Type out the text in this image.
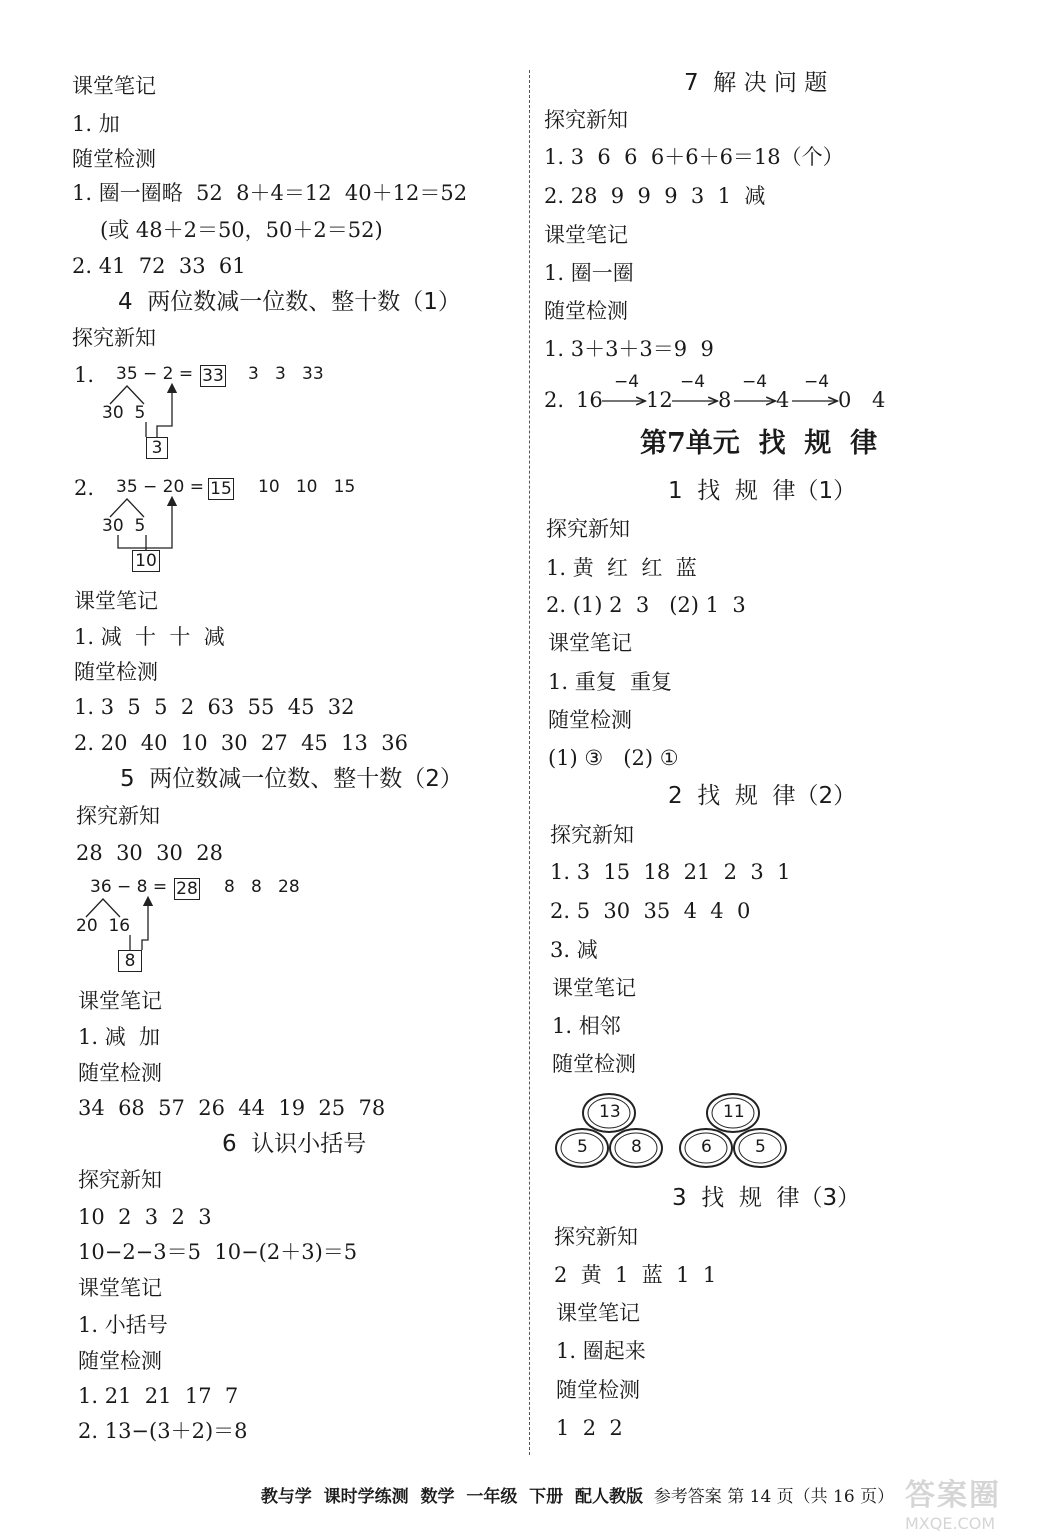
课堂笔记
1. 加
随堂检测
1. 圈一圈略  52  8＋4＝12  40＋12＝52
(或 48＋2＝50，50＋2＝52)
2. 41  72  33  61
4  两位数减一位数、整十数（1）
探究新知
1. 35 − 2 = 33 3   3   33
30  5
3
2. 35 − 20 = 15 10   10   15
30  5
10
课堂笔记
1. 减  十  十  减
随堂检测
1. 3  5  5  2  63  55  45  32
2. 20  40  10  30  27  45  13  36
5  两位数减一位数、整十数（2）
探究新知
28  30  30  28
36 − 8 = 28 8   8   28
20  16
8
课堂笔记
1. 减  加
随堂检测
34  68  57  26  44  19  25  78
6  认识小括号
探究新知
10  2  3  2  3
10−2−3＝5  10−(2＋3)＝5
课堂笔记
1. 小括号
随堂检测
1. 21  21  17  7
2. 13−(3＋2)＝8
7  解 决 问 题
探究新知
1. 3  6  6  6＋6＋6＝18（个）
2. 28  9  9  9  3  1  减
课堂笔记
1. 圈一圈
随堂检测
1. 3＋3＋3＝9  9
2. 16 12 8 4 0 4
−4 −4 −4 −4
第7单元  找  规  律
1  找  规  律（1）
探究新知
1. 黄  红  红  蓝
2. (1) 2  3   (2) 1  3
课堂笔记
1. 重复  重复
随堂检测
(1) ③   (2) ①
2  找  规  律（2）
探究新知
1. 3  15  18  21  2  3  1
2. 5  30  35  4  4  0
3. 减
课堂笔记
1. 相邻
随堂检测
13
5	8
11
6	5
3  找  规  律（3）
探究新知
2  黄  1  蓝  1  1
课堂笔记
1. 圈起来
随堂检测
1  2  2

教与学  课时学练测  数学  一年级  下册  配人教版 参考答案 第 14 页（共 16 页） 答案圈
MXQE.COM
